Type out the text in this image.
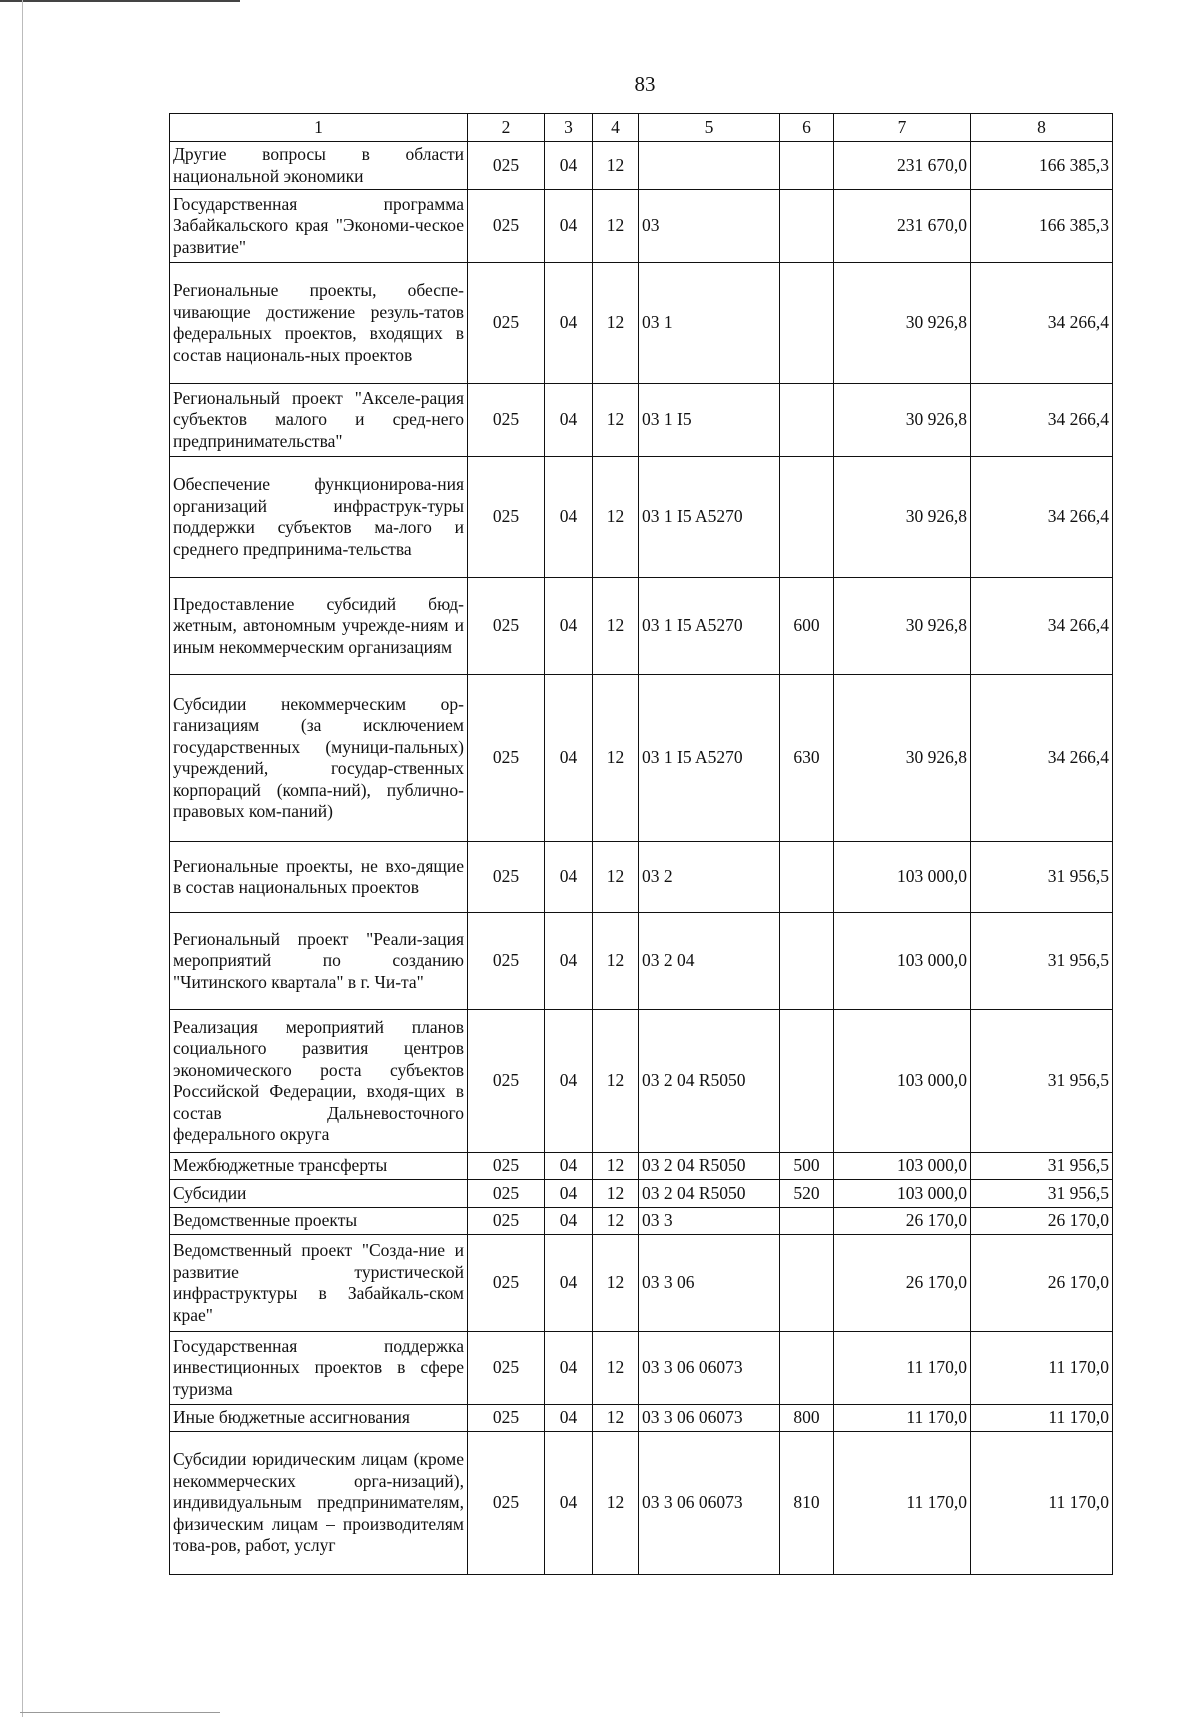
83
1	2	3	4	5	6	7	8
Другие вопросы в области национальной экономики	025	04	12			231 670,0	166 385,3
Государственная программа Забайкальского края "Экономи-ческое развитие"	025	04	12	03		231 670,0	166 385,3
Региональные проекты, обеспе-чивающие достижение резуль-татов федеральных проектов, входящих в состав националь-ных проектов	025	04	12	03 1		30 926,8	34 266,4
Региональный проект "Акселе-рация субъектов малого и сред-него предпринимательства"	025	04	12	03 1 I5		30 926,8	34 266,4
Обеспечение функционирова-ния организаций инфраструк-туры поддержки субъектов ма-лого и среднего предпринима-тельства	025	04	12	03 1 I5 A5270		30 926,8	34 266,4
Предоставление субсидий бюд-жетным, автономным учрежде-ниям и иным некоммерческим организациям	025	04	12	03 1 I5 A5270	600	30 926,8	34 266,4
Субсидии некоммерческим ор-ганизациям (за исключением государственных (муници-пальных) учреждений, государ-ственных корпораций (компа-ний), публично-правовых ком-паний)	025	04	12	03 1 I5 A5270	630	30 926,8	34 266,4
Региональные проекты, не вхо-дящие в состав национальных проектов	025	04	12	03 2		103 000,0	31 956,5
Региональный проект "Реали-зация мероприятий по созданию "Читинского квартала" в г. Чи-та"	025	04	12	03 2 04		103 000,0	31 956,5
Реализация мероприятий планов социального развития центров экономического роста субъектов Российской Федерации, входя-щих в состав Дальневосточного федерального округа	025	04	12	03 2 04 R5050		103 000,0	31 956,5
Межбюджетные трансферты	025	04	12	03 2 04 R5050	500	103 000,0	31 956,5
Субсидии	025	04	12	03 2 04 R5050	520	103 000,0	31 956,5
Ведомственные проекты	025	04	12	03 3		26 170,0	26 170,0
Ведомственный проект "Созда-ние и развитие туристической инфраструктуры в Забайкаль-ском крае"	025	04	12	03 3 06		26 170,0	26 170,0
Государственная поддержка инвестиционных проектов в сфере туризма	025	04	12	03 3 06 06073		11 170,0	11 170,0
Иные бюджетные ассигнования	025	04	12	03 3 06 06073	800	11 170,0	11 170,0
Субсидии юридическим лицам (кроме некоммерческих орга-низаций), индивидуальным предпринимателям, физическим лицам – производителям това-ров, работ, услуг	025	04	12	03 3 06 06073	810	11 170,0	11 170,0
